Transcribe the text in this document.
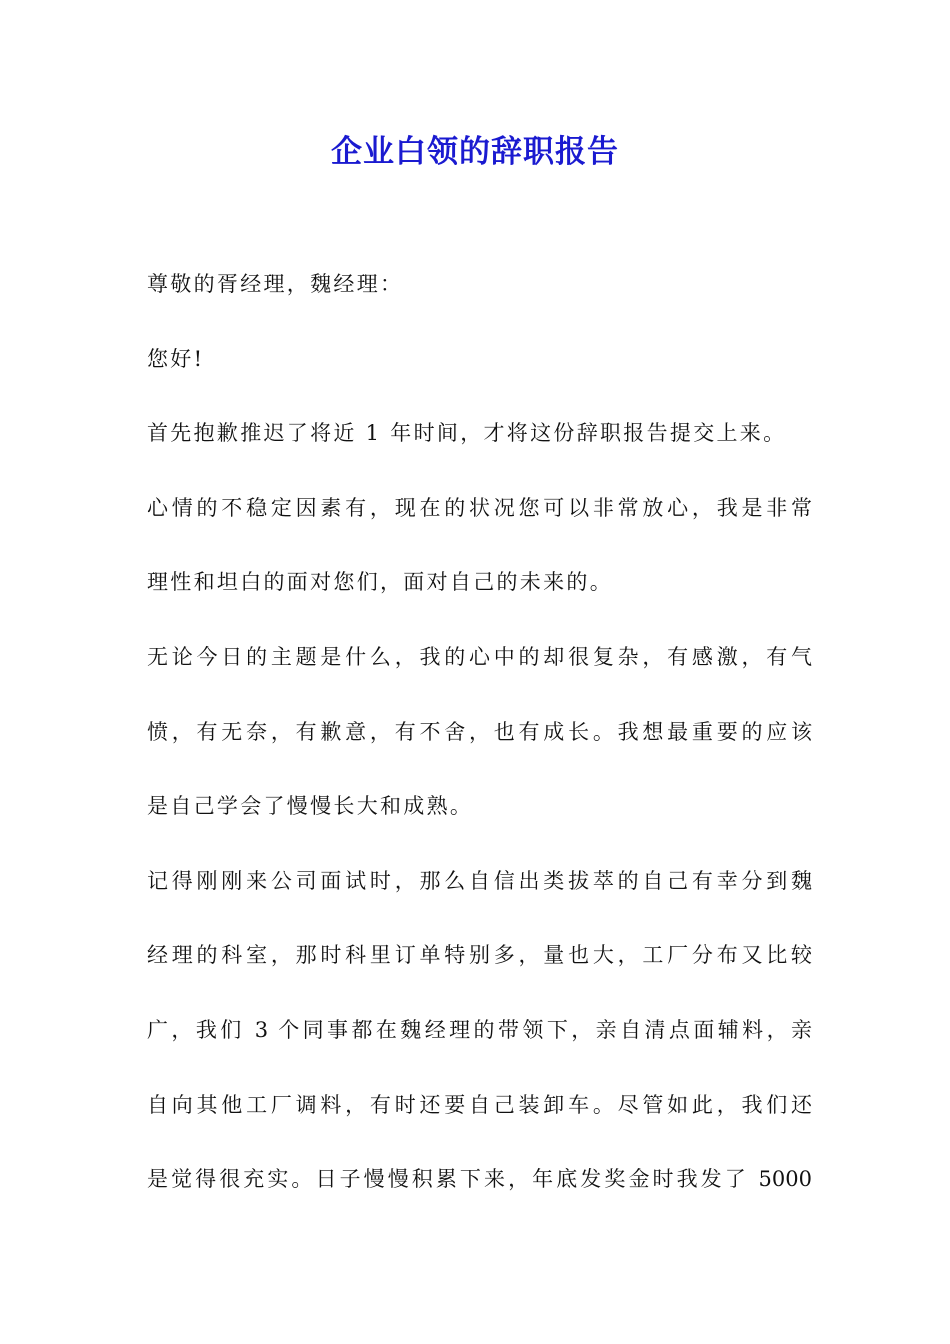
企业白领的辞职报告
尊敬的胥经理，魏经理：
您好!
首先抱歉推迟了将近 1 年时间，才将这份辞职报告提交上来。
心情的不稳定因素有，现在的状况您可以非常放心，我是非常
理性和坦白的面对您们，面对自己的未来的。
无论今日的主题是什么，我的心中的却很复杂，有感激，有气
愤，有无奈，有歉意，有不舍，也有成长。我想最重要的应该
是自己学会了慢慢长大和成熟。
记得刚刚来公司面试时，那么自信出类拔萃的自己有幸分到魏
经理的科室，那时科里订单特别多，量也大，工厂分布又比较
广，我们 3 个同事都在魏经理的带领下，亲自清点面辅料，亲
自向其他工厂调料，有时还要自己装卸车。尽管如此，我们还
是觉得很充实。日子慢慢积累下来，年底发奖金时我发了 5000
